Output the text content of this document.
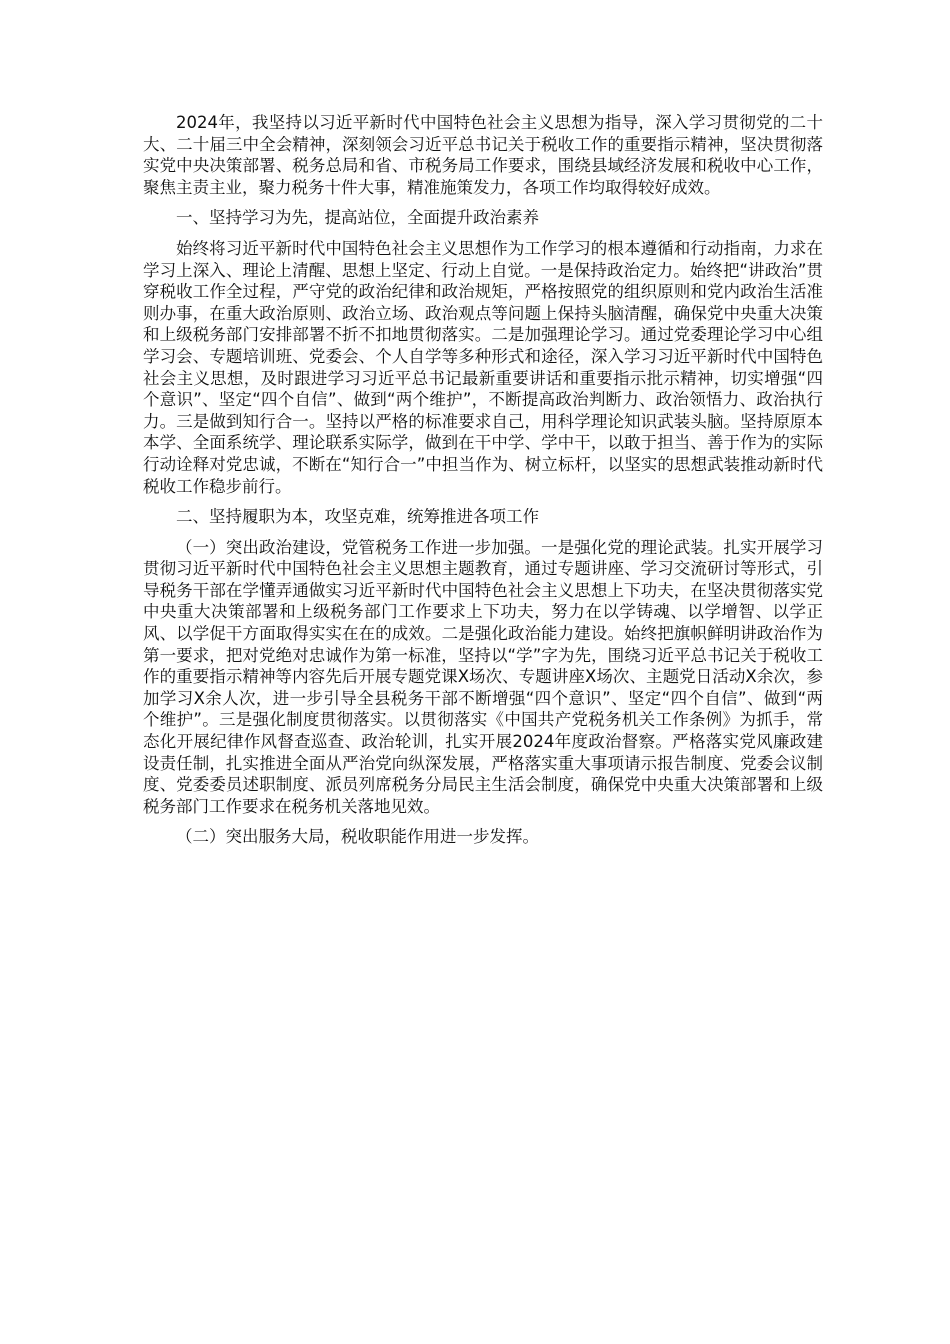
2024年，我坚持以习近平新时代中国特色社会主义思想为指导，深入学习贯彻党的二十大、二十届三中全会精神，深刻领会习近平总书记关于税收工作的重要指示精神，坚决贯彻落实党中央决策部署、税务总局和省、市税务局工作要求，围绕县域经济发展和税收中心工作，聚焦主责主业，聚力税务十件大事，精准施策发力，各项工作均取得较好成效。

一、坚持学习为先，提高站位，全面提升政治素养

始终将习近平新时代中国特色社会主义思想作为工作学习的根本遵循和行动指南，力求在学习上深入、理论上清醒、思想上坚定、行动上自觉。一是保持政治定力。始终把“讲政治”贯穿税收工作全过程，严守党的政治纪律和政治规矩，严格按照党的组织原则和党内政治生活准则办事，在重大政治原则、政治立场、政治观点等问题上保持头脑清醒，确保党中央重大决策和上级税务部门安排部署不折不扣地贯彻落实。二是加强理论学习。通过党委理论学习中心组学习会、专题培训班、党委会、个人自学等多种形式和途径，深入学习习近平新时代中国特色社会主义思想，及时跟进学习习近平总书记最新重要讲话和重要指示批示精神，切实增强“四个意识”、坚定“四个自信”、做到“两个维护”，不断提高政治判断力、政治领悟力、政治执行力。三是做到知行合一。坚持以严格的标准要求自己，用科学理论知识武装头脑。坚持原原本本学、全面系统学、理论联系实际学，做到在干中学、学中干，以敢于担当、善于作为的实际行动诠释对党忠诚，不断在“知行合一”中担当作为、树立标杆，以坚实的思想武装推动新时代税收工作稳步前行。

二、坚持履职为本，攻坚克难，统筹推进各项工作

（一）突出政治建设，党管税务工作进一步加强。一是强化党的理论武装。扎实开展学习贯彻习近平新时代中国特色社会主义思想主题教育，通过专题讲座、学习交流研讨等形式，引导税务干部在学懂弄通做实习近平新时代中国特色社会主义思想上下功夫，在坚决贯彻落实党中央重大决策部署和上级税务部门工作要求上下功夫，努力在以学铸魂、以学增智、以学正风、以学促干方面取得实实在在的成效。二是强化政治能力建设。始终把旗帜鲜明讲政治作为第一要求，把对党绝对忠诚作为第一标准，坚持以“学”字为先，围绕习近平总书记关于税收工作的重要指示精神等内容先后开展专题党课X场次、专题讲座X场次、主题党日活动X余次，参加学习X余人次，进一步引导全县税务干部不断增强“四个意识”、坚定“四个自信”、做到“两个维护”。三是强化制度贯彻落实。以贯彻落实《中国共产党税务机关工作条例》为抓手，常态化开展纪律作风督查巡查、政治轮训，扎实开展2024年度政治督察。严格落实党风廉政建设责任制，扎实推进全面从严治党向纵深发展，严格落实重大事项请示报告制度、党委会议制度、党委委员述职制度、派员列席税务分局民主生活会制度，确保党中央重大决策部署和上级税务部门工作要求在税务机关落地见效。

（二）突出服务大局，税收职能作用进一步发挥。
